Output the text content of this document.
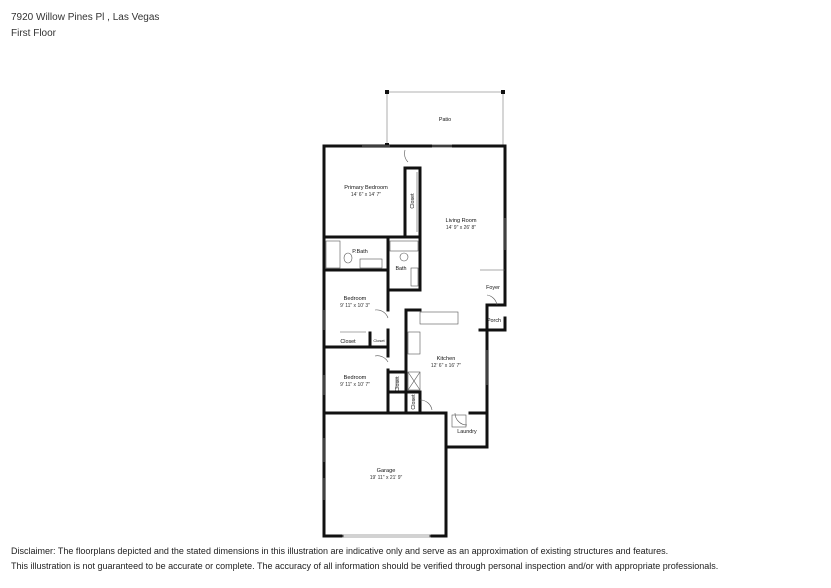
7920 Willow Pines Pl , Las Vegas
First Floor
Patio
Primary Bedroom
14' 6" x 14' 7"	Closet
Living Room
14' 9" x 26' 8"
P.Bath
Bath
Foyer
Porch
Bedroom
9' 11" x 10' 3"
Closet	Closet
Kitchen
12' 6" x 16' 7"
Bedroom
9' 11" x 10' 7"	Closet
Closet
Laundry
Garage
19' 11" x 21' 9"
Disclaimer: The floorplans depicted and the stated dimensions in this illustration are indicative only and serve as an approximation of existing structures and features.
This illustration is not guaranteed to be accurate or complete. The accuracy of all information should be verified through personal inspection and/or with appropriate professionals.
